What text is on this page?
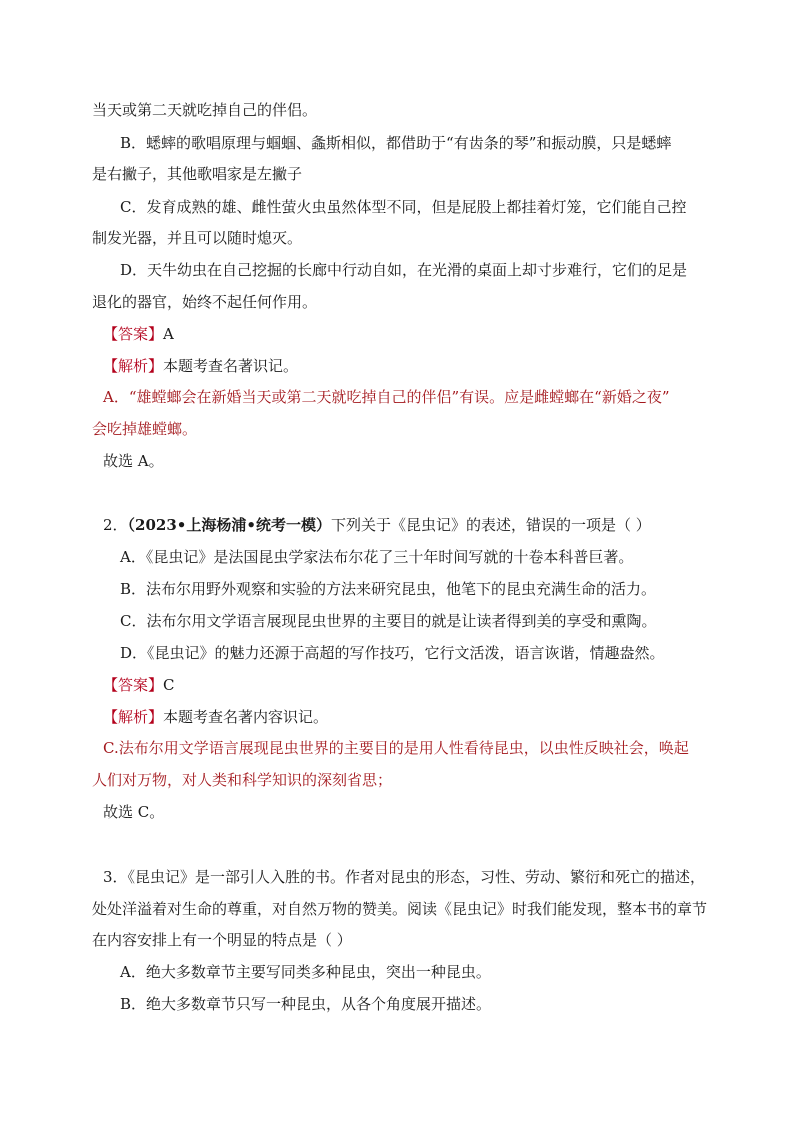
当天或第二天就吃掉自己的伴侣。
B．蟋蟀的歌唱原理与蝈蝈、螽斯相似，都借助于“有齿条的琴”和振动膜，只是蟋蟀
是右撇子，其他歌唱家是左撇子
C．发育成熟的雄、雌性萤火虫虽然体型不同，但是屁股上都挂着灯笼，它们能自己控
制发光器，并且可以随时熄灭。
D．天牛幼虫在自己挖掘的长廊中行动自如，在光滑的桌面上却寸步难行，它们的足是
退化的器官，始终不起任何作用。
【答案】A
【解析】本题考查名著识记。
A．“雄螳螂会在新婚当天或第二天就吃掉自己的伴侣”有误。应是雌螳螂在“新婚之夜”
会吃掉雄螳螂。
故选 A。
2．（2023•上海杨浦•统考一模）下列关于《昆虫记》的表述，错误的一项是（ ）
A．《昆虫记》是法国昆虫学家法布尔花了三十年时间写就的十卷本科普巨著。
B．法布尔用野外观察和实验的方法来研究昆虫，他笔下的昆虫充满生命的活力。
C．法布尔用文学语言展现昆虫世界的主要目的就是让读者得到美的享受和熏陶。
D．《昆虫记》的魅力还源于高超的写作技巧，它行文活泼，语言诙谐，情趣盎然。
【答案】C
【解析】本题考查名著内容识记。
C.法布尔用文学语言展现昆虫世界的主要目的是用人性看待昆虫，以虫性反映社会，唤起
人们对万物，对人类和科学知识的深刻省思；
故选 C。
3．《昆虫记》是一部引人入胜的书。作者对昆虫的形态，习性、劳动、繁衍和死亡的描述，
处处洋溢着对生命的尊重，对自然万物的赞美。阅读《昆虫记》时我们能发现，整本书的章节
在内容安排上有一个明显的特点是（ ）
A．绝大多数章节主要写同类多种昆虫，突出一种昆虫。
B．绝大多数章节只写一种昆虫，从各个角度展开描述。
